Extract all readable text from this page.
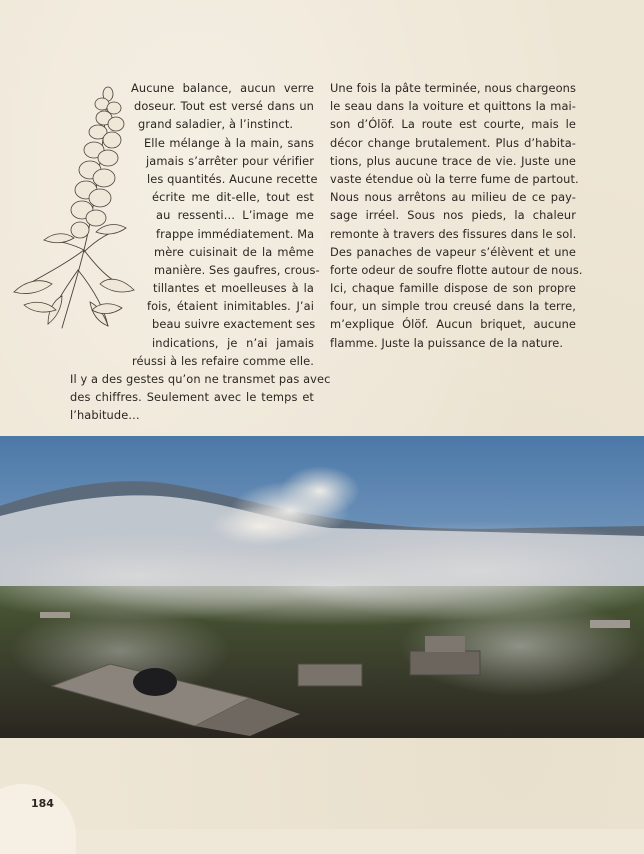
Aucune balance, aucun verre
doseur. Tout est versé dans un
grand saladier, à l’instinct.
Elle mélange à la main, sans
jamais s’arrêter pour vérifier
les quantités. Aucune recette
écrite me dit-elle, tout est
au ressenti… L’image me
frappe immédiatement. Ma
mère cuisinait de la même
manière. Ses gaufres, crous-
tillantes et moelleuses à la
fois, étaient inimitables. J’ai
beau suivre exactement ses
indications, je n’ai jamais
réussi à les refaire comme elle.
Il y a des gestes qu’on ne transmet pas avec
des chiffres. Seulement avec le temps et
l’habitude…
Une fois la pâte terminée, nous chargeons
le seau dans la voiture et quittons la mai-
son d’Ólöf. La route est courte, mais le
décor change brutalement. Plus d’habita-
tions, plus aucune trace de vie. Juste une
vaste étendue où la terre fume de partout.
Nous nous arrêtons au milieu de ce pay-
sage irréel. Sous nos pieds, la chaleur
remonte à travers des fissures dans le sol.
Des panaches de vapeur s’élèvent et une
forte odeur de soufre flotte autour de nous.
Ici, chaque famille dispose de son propre
four, un simple trou creusé dans la terre,
m’explique Ólöf. Aucun briquet, aucune
flamme. Juste la puissance de la nature.
184
